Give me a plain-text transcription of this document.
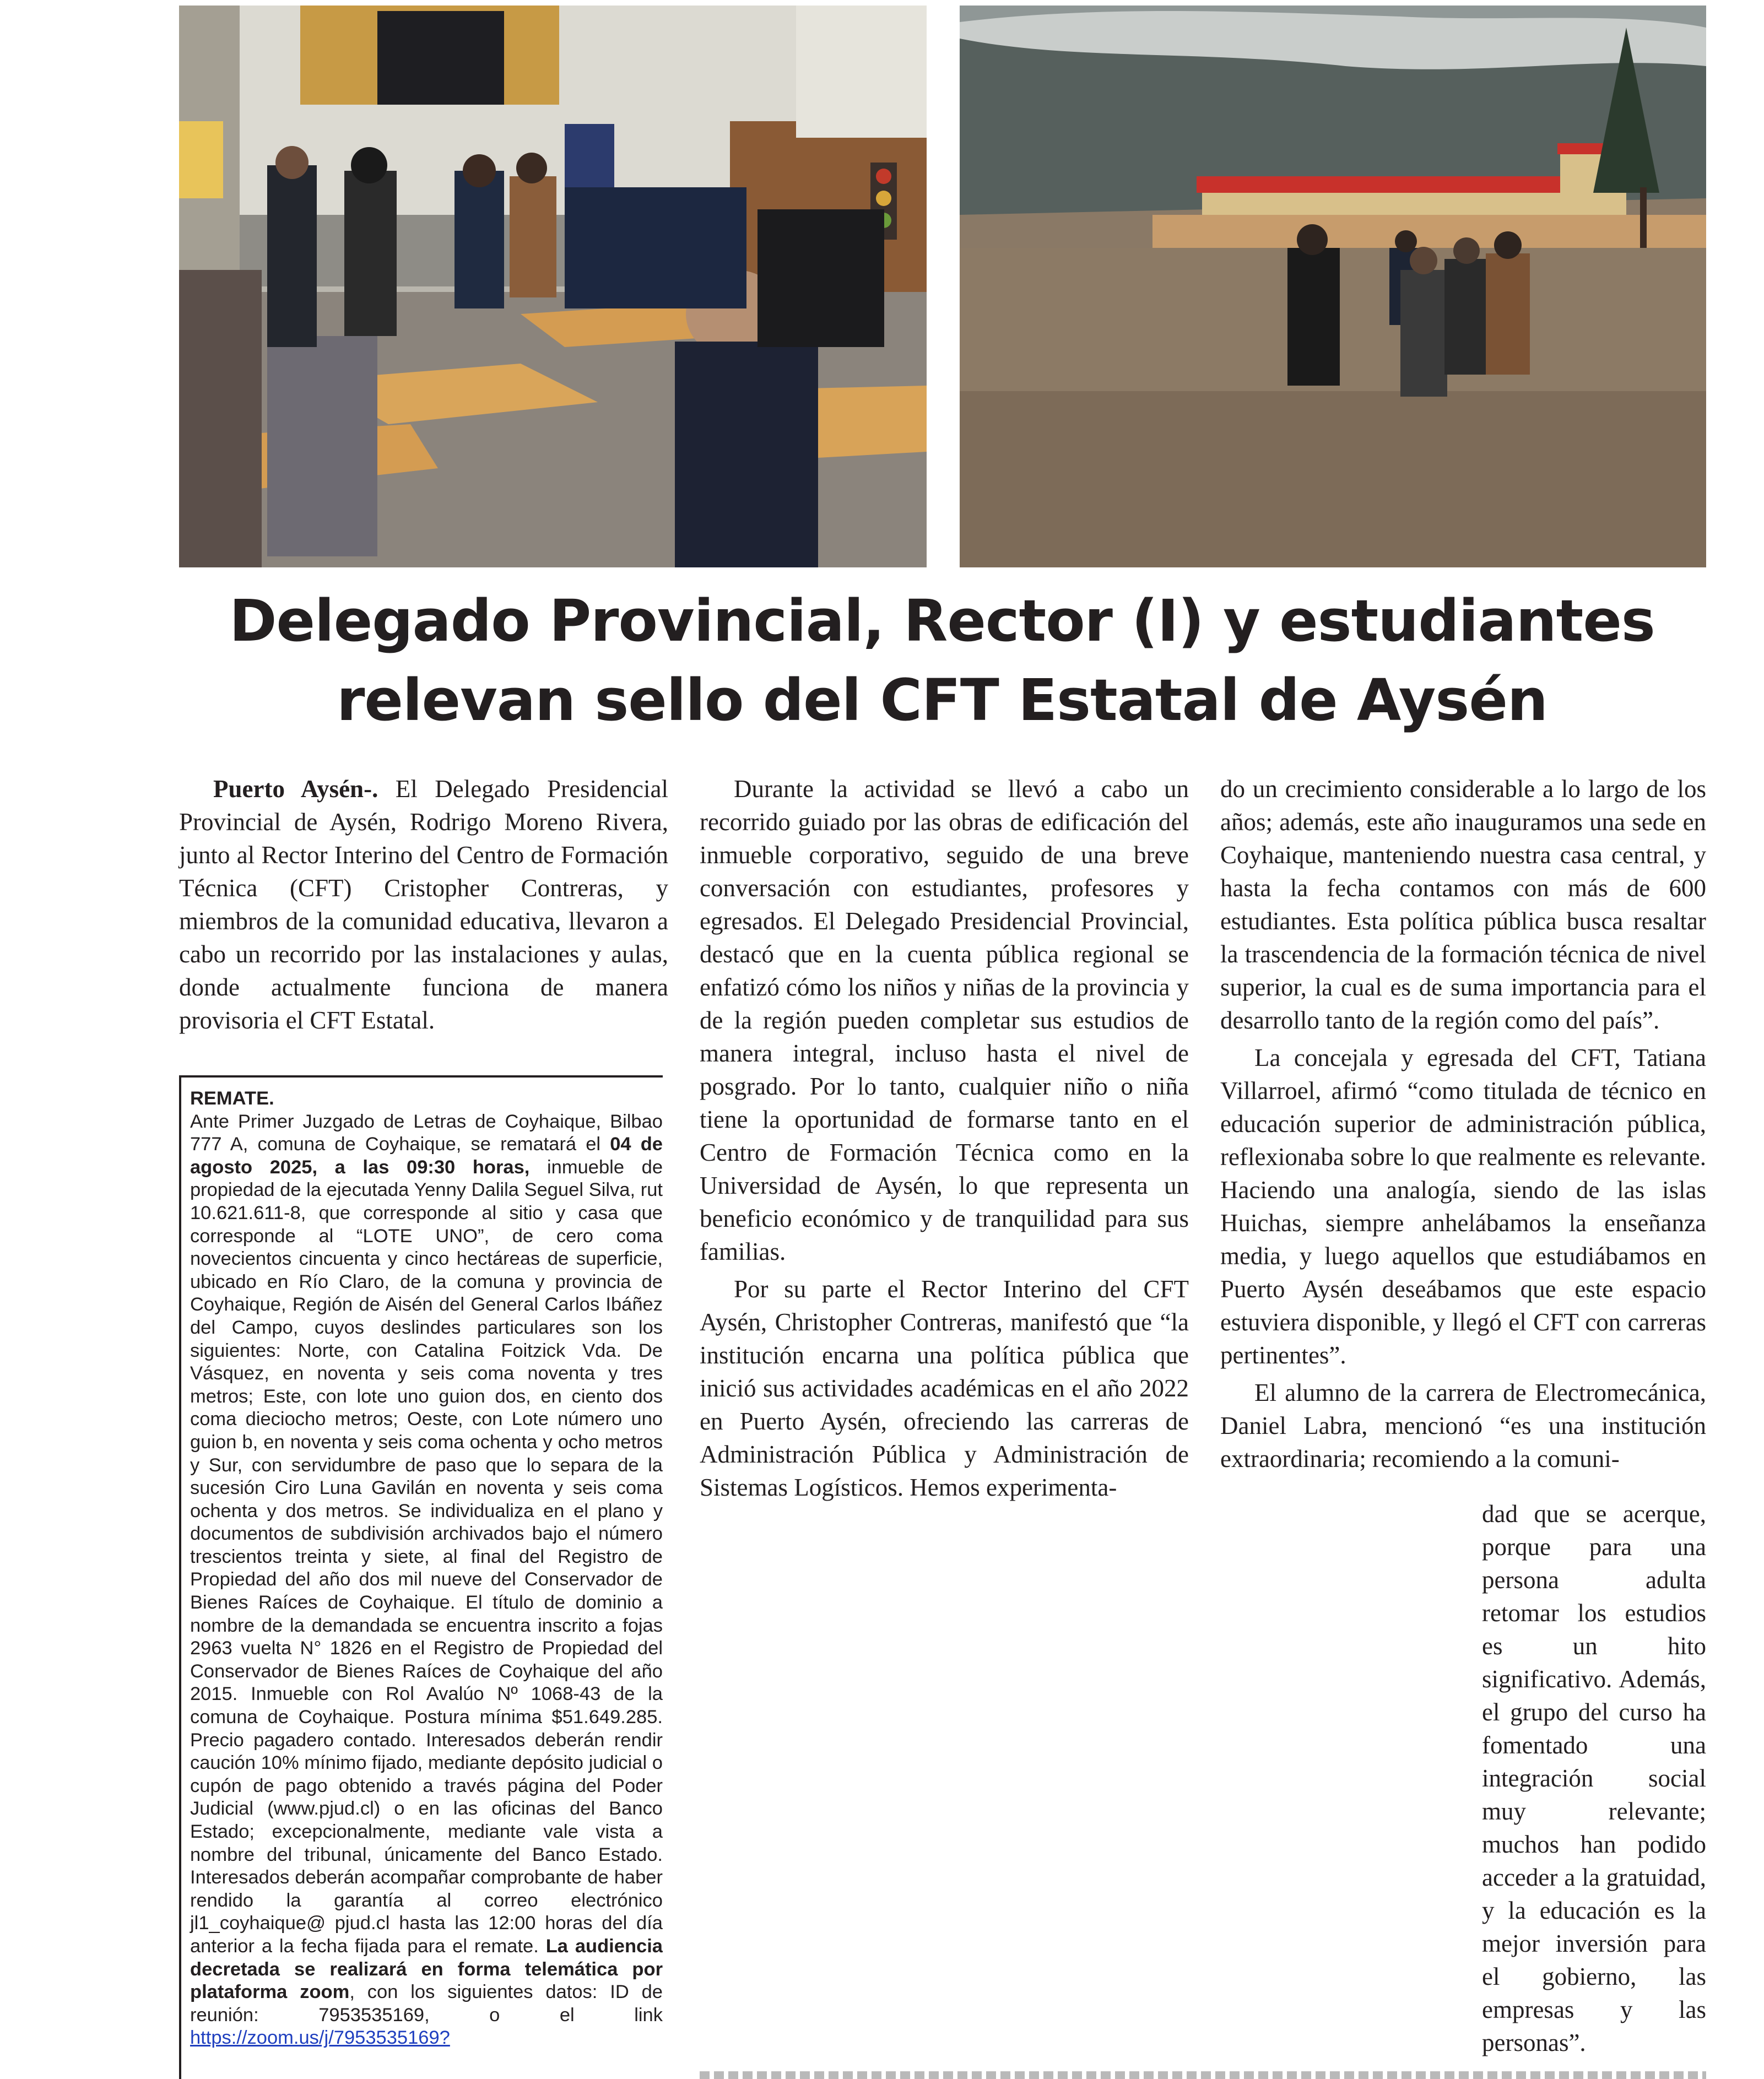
Delegado Provincial, Rector (I) y estudiantes
relevan sello del CFT Estatal de Aysén

Puerto Aysén-. El Delegado Presidencial Provincial de Aysén, Rodrigo Moreno Rivera, junto al Rector Interino del Centro de Formación Técnica (CFT) Cristopher Contreras, y miembros de la comunidad educativa, llevaron a cabo un recorrido por las instalaciones y aulas, donde actualmente funciona de manera provisoria el CFT Estatal.

REMATE.
Ante Primer Juzgado de Letras de Coyhaique, Bilbao 777 A, comuna de Coyhaique, se rematará el 04 de agosto 2025, a las 09:30 horas, inmueble de propiedad de la ejecutada Yenny Dalila Seguel Silva, rut 10.621.611-8, que corresponde al sitio y casa que corresponde al “LOTE UNO”, de cero coma novecientos cincuenta y cinco hectáreas de superficie, ubicado en Río Claro, de la comuna y provincia de Coyhaique, Región de Aisén del General Carlos Ibáñez del Campo, cuyos deslindes particulares son los siguientes: Norte, con Catalina Foitzick Vda. De Vásquez, en noventa y seis coma noventa y tres metros; Este, con lote uno guion dos, en ciento dos coma dieciocho metros; Oeste, con Lote número uno guion b, en noventa y seis coma ochenta y ocho metros y Sur, con servidumbre de paso que lo separa de la sucesión Ciro Luna Gavilán en noventa y seis coma ochenta y dos metros. Se individualiza en el plano y documentos de subdivisión archivados bajo el número trescientos treinta y siete, al final del Registro de Propiedad del año dos mil nueve del Conservador de Bienes Raíces de Coyhaique. El título de dominio a nombre de la demandada se encuentra inscrito a fojas 2963 vuelta N° 1826 en el Registro de Propiedad del Conservador de Bienes Raíces de Coyhaique del año 2015. Inmueble con Rol Avalúo Nº 1068-43 de la comuna de Coyhaique. Postura mínima $51.649.285. Precio pagadero contado. Interesados deberán rendir caución 10% mínimo fijado, mediante depósito judicial o cupón de pago obtenido a través página del Poder Judicial (www.pjud.cl) o en las oficinas del Banco Estado; excepcionalmente, mediante vale vista a nombre del tribunal, únicamente del Banco Estado. Interesados deberán acompañar comprobante de haber rendido la garantía al correo electrónico jl1_coyhaique@ pjud.cl hasta las 12:00 horas del día anterior a la fecha fijada para el remate. La audiencia decretada se realizará en forma telemática por plataforma zoom, con los siguientes datos: ID de reunión: 7953535169, o el link https://zoom.us/j/7953535169?

Durante la actividad se llevó a cabo un recorrido guiado por las obras de edificación del inmueble corporativo, seguido de una breve conversación con estudiantes, profesores y egresados. El Delegado Presidencial Provincial, destacó que en la cuenta pública regional se enfatizó cómo los niños y niñas de la provincia y de la región pueden completar sus estudios de manera integral, incluso hasta el nivel de posgrado. Por lo tanto, cualquier niño o niña tiene la oportunidad de formarse tanto en el Centro de Formación Técnica como en la Universidad de Aysén, lo que representa un beneficio económico y de tranquilidad para sus familias.

Por su parte el Rector Interino del CFT Aysén, Christopher Contreras, manifestó que “la institución encarna una política pública que inició sus actividades académicas en el año 2022 en Puerto Aysén, ofreciendo las carreras de Administración Pública y Administración de Sistemas Logísticos. Hemos experimenta-

do un crecimiento considerable a lo largo de los años; además, este año inauguramos una sede en Coyhaique, manteniendo nuestra casa central, y hasta la fecha contamos con más de 600 estudiantes. Esta política pública busca resaltar la trascendencia de la formación técnica de nivel superior, la cual es de suma importancia para el desarrollo tanto de la región como del país”.

La concejala y egresada del CFT, Tatiana Villarroel, afirmó “como titulada de técnico en educación superior de administración pública, reflexionaba sobre lo que realmente es relevante. Haciendo una analogía, siendo de las islas Huichas, siempre anhelábamos la enseñanza media, y luego aquellos que estudiábamos en Puerto Aysén deseábamos que este espacio estuviera disponible, y llegó el CFT con carreras pertinentes”.

El alumno de la carrera de Electromecánica, Daniel Labra, mencionó “es una institución extraordinaria; recomiendo a la comuni-

dad que se acerque, porque para una persona adulta retomar los estudios es un hito significativo. Además, el grupo del curso ha fomentado una integración social muy relevante; muchos han podido acceder a la gratuidad, y la educación es la mejor inversión para el gobierno, las empresas y las personas”.
